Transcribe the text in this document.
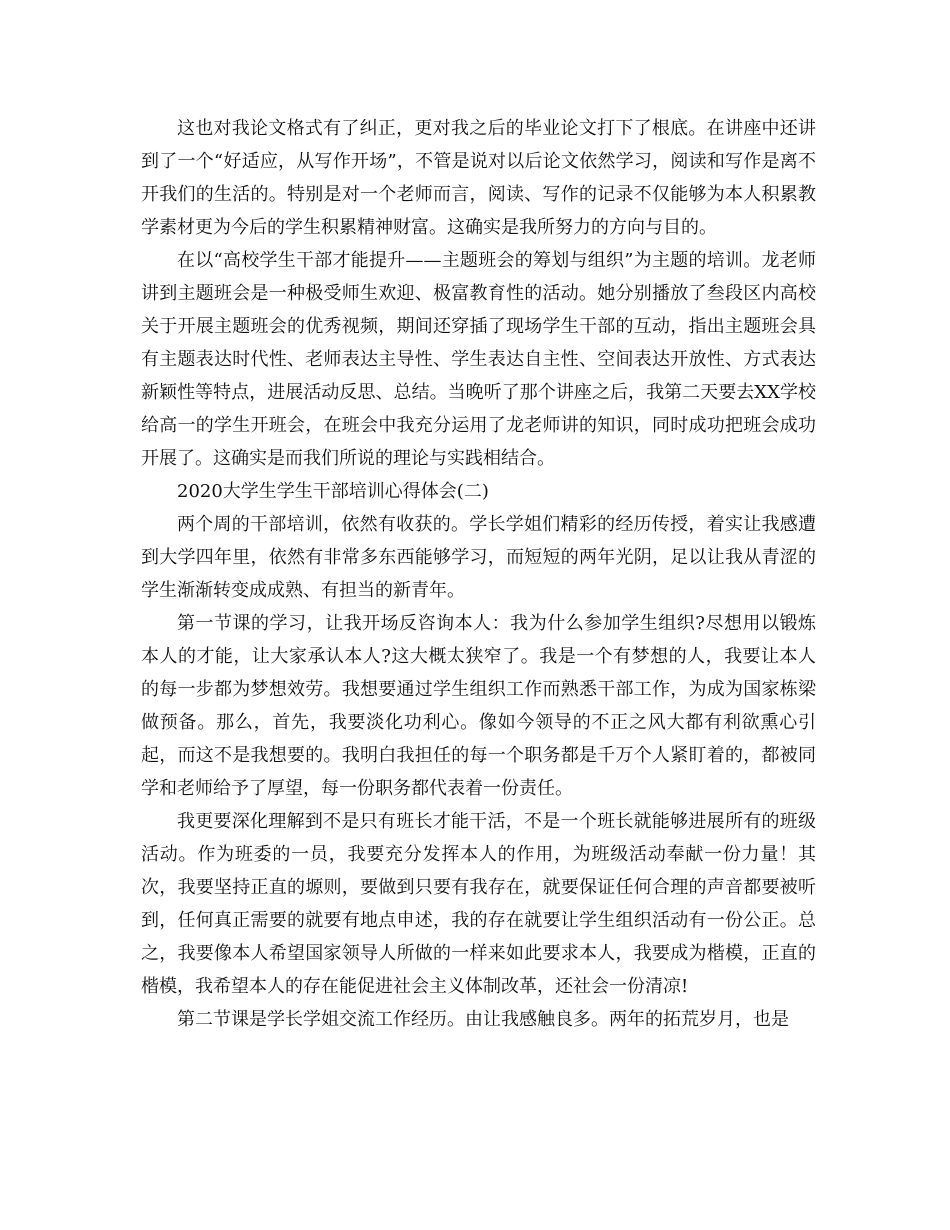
这也对我论文格式有了纠正，更对我之后的毕业论文打下了根底。在讲座中还讲到了一个“好适应，从写作开场”，不管是说对以后论文依然学习，阅读和写作是离不开我们的生活的。特别是对一个老师而言，阅读、写作的记录不仅能够为本人积累教学素材更为今后的学生积累精神财富。这确实是我所努力的方向与目的。

在以“高校学生干部才能提升——主题班会的筹划与组织”为主题的培训。龙老师讲到主题班会是一种极受师生欢迎、极富教育性的活动。她分别播放了叁段区内高校关于开展主题班会的优秀视频，期间还穿插了现场学生干部的互动，指出主题班会具有主题表达时代性、老师表达主导性、学生表达自主性、空间表达开放性、方式表达新颖性等特点，进展活动反思、总结。当晚听了那个讲座之后，我第二天要去XX学校给高一的学生开班会，在班会中我充分运用了龙老师讲的知识，同时成功把班会成功开展了。这确实是而我们所说的理论与实践相结合。

2020大学生学生干部培训心得体会(二)

两个周的干部培训，依然有收获的。学长学姐们精彩的经历传授，着实让我感遭到大学四年里，依然有非常多东西能够学习，而短短的两年光阴，足以让我从青涩的学生渐渐转变成成熟、有担当的新青年。

第一节课的学习，让我开场反咨询本人：我为什么参加学生组织?尽想用以锻炼本人的才能，让大家承认本人?这大概太狭窄了。我是一个有梦想的人，我要让本人的每一步都为梦想效劳。我想要通过学生组织工作而熟悉干部工作，为成为国家栋梁做预备。那么，首先，我要淡化功利心。像如今领导的不正之风大都有利欲熏心引起，而这不是我想要的。我明白我担任的每一个职务都是千万个人紧盯着的，都被同学和老师给予了厚望，每一份职务都代表着一份责任。

我更要深化理解到不是只有班长才能干活，不是一个班长就能够进展所有的班级活动。作为班委的一员，我要充分发挥本人的作用，为班级活动奉献一份力量！其次，我要坚持正直的塬则，要做到只要有我存在，就要保证任何合理的声音都要被听到，任何真正需要的就要有地点申述，我的存在就要让学生组织活动有一份公正。总之，我要像本人希望国家领导人所做的一样来如此要求本人，我要成为楷模，正直的楷模，我希望本人的存在能促进社会主义体制改革，还社会一份清凉!

第二节课是学长学姐交流工作经历。由让我感触良多。两年的拓荒岁月，也是
